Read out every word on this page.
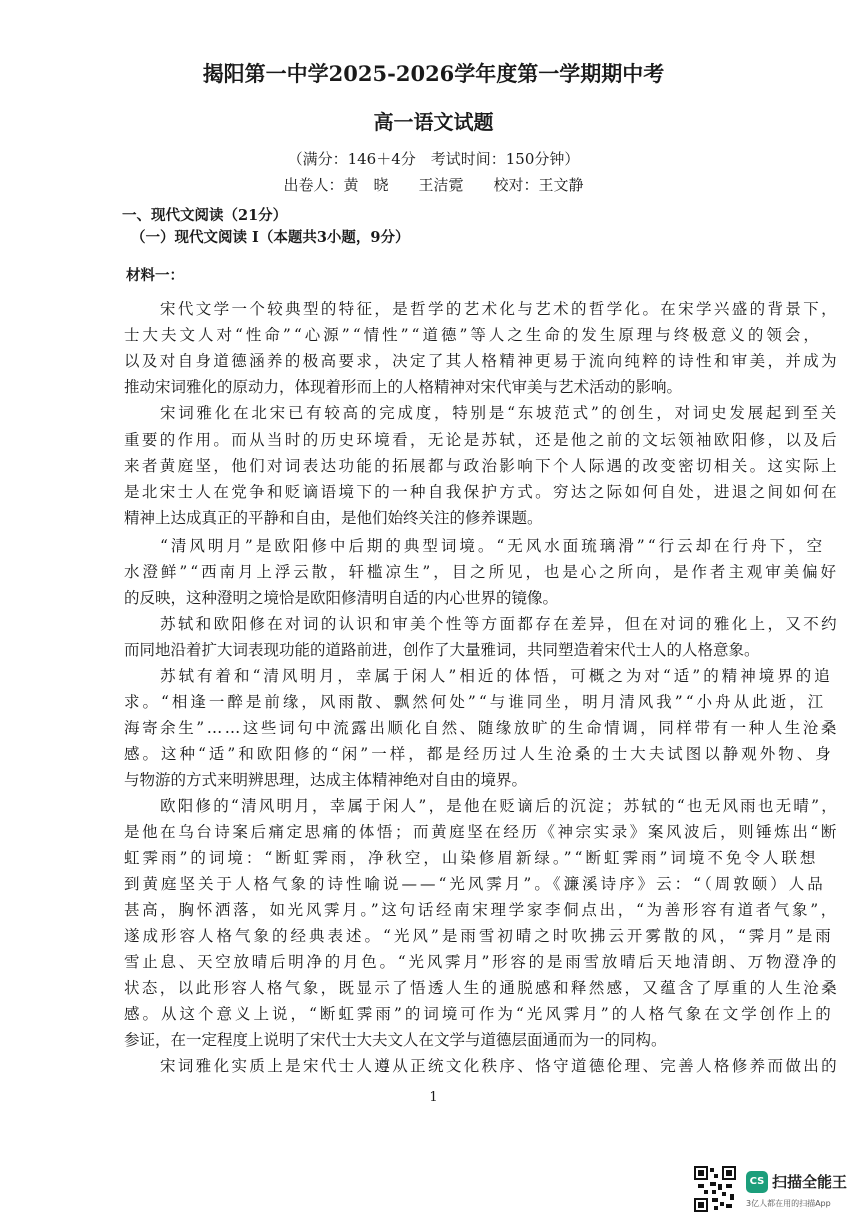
揭阳第一中学2025-2026学年度第一学期期中考
高一语文试题
（满分：146＋4分　考试时间：150分钟）
出卷人：黄　晓　　王洁霓　　校对：王文静
一、现代文阅读（21分）
（一）现代文阅读 I（本题共3小题，9分）
材料一：
宋代文学一个较典型的特征，是哲学的艺术化与艺术的哲学化。在宋学兴盛的背景下，
士大夫文人对“性命”“心源”“情性”“道德”等人之生命的发生原理与终极意义的领会，
以及对自身道德涵养的极高要求，决定了其人格精神更易于流向纯粹的诗性和审美，并成为
推动宋词雅化的原动力，体现着形而上的人格精神对宋代审美与艺术活动的影响。
宋词雅化在北宋已有较高的完成度，特别是“东坡范式”的创生，对词史发展起到至关
重要的作用。而从当时的历史环境看，无论是苏轼，还是他之前的文坛领袖欧阳修，以及后
来者黄庭坚，他们对词表达功能的拓展都与政治影响下个人际遇的改变密切相关。这实际上
是北宋士人在党争和贬谪语境下的一种自我保护方式。穷达之际如何自处，进退之间如何在
精神上达成真正的平静和自由，是他们始终关注的修养课题。
“清风明月”是欧阳修中后期的典型词境。“无风水面琉璃滑”“行云却在行舟下，空
水澄鲜”“西南月上浮云散，轩槛凉生”，目之所见，也是心之所向，是作者主观审美偏好
的反映，这种澄明之境恰是欧阳修清明自适的内心世界的镜像。
苏轼和欧阳修在对词的认识和审美个性等方面都存在差异，但在对词的雅化上，又不约
而同地沿着扩大词表现功能的道路前进，创作了大量雅词，共同塑造着宋代士人的人格意象。
苏轼有着和“清风明月，幸属于闲人”相近的体悟，可概之为对“适”的精神境界的追
求。“相逢一醉是前缘，风雨散、飘然何处”“与谁同坐，明月清风我”“小舟从此逝，江
海寄余生”……这些词句中流露出顺化自然、随缘放旷的生命情调，同样带有一种人生沧桑
感。这种“适”和欧阳修的“闲”一样，都是经历过人生沧桑的士大夫试图以静观外物、身
与物游的方式来明辨思理，达成主体精神绝对自由的境界。
欧阳修的“清风明月，幸属于闲人”，是他在贬谪后的沉淀；苏轼的“也无风雨也无晴”，
是他在乌台诗案后痛定思痛的体悟；而黄庭坚在经历《神宗实录》案风波后，则锤炼出“断
虹霁雨”的词境：“断虹霁雨，净秋空，山染修眉新绿。”“断虹霁雨”词境不免令人联想
到黄庭坚关于人格气象的诗性喻说——“光风霁月”。《濂溪诗序》云：“（周敦颐）人品
甚高，胸怀洒落，如光风霁月。”这句话经南宋理学家李侗点出，“为善形容有道者气象”，
遂成形容人格气象的经典表述。“光风”是雨雪初晴之时吹拂云开雾散的风，“霁月”是雨
雪止息、天空放晴后明净的月色。“光风霁月”形容的是雨雪放晴后天地清朗、万物澄净的
状态，以此形容人格气象，既显示了悟透人生的通脱感和释然感，又蕴含了厚重的人生沧桑
感。从这个意义上说，“断虹霁雨”的词境可作为“光风霁月”的人格气象在文学创作上的
参证，在一定程度上说明了宋代士大夫文人在文学与道德层面通而为一的同构。
宋词雅化实质上是宋代士人遵从正统文化秩序、恪守道德伦理、完善人格修养而做出的
1
CS 扫描全能王
3亿人都在用的扫描App
